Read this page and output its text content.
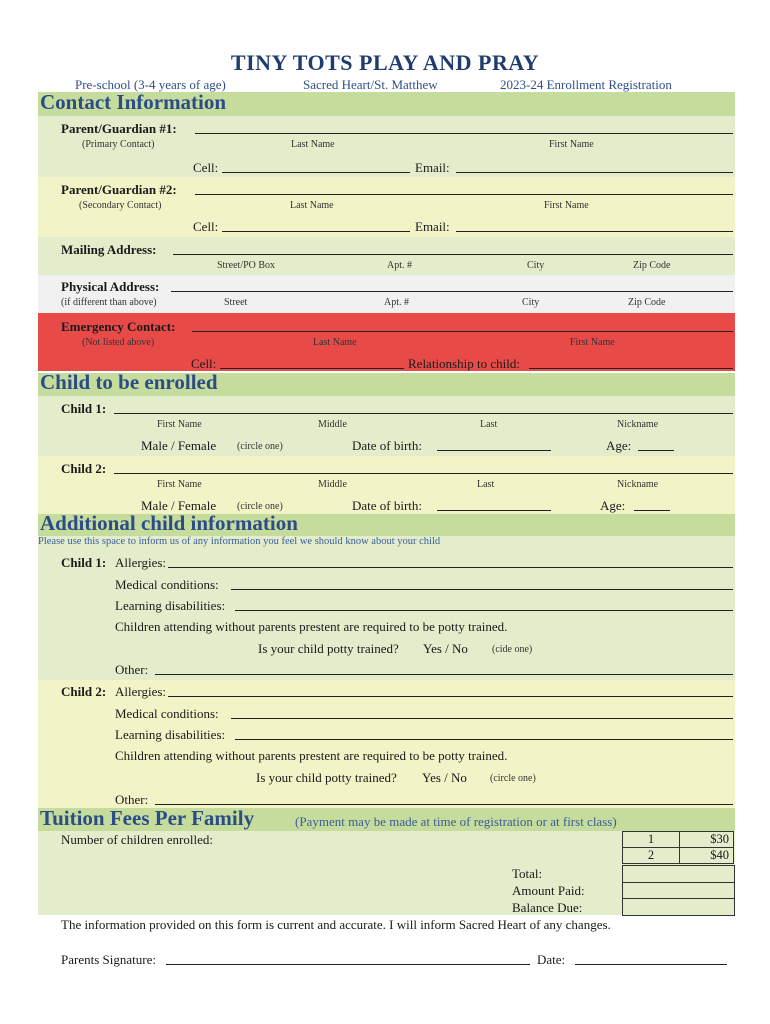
TINY TOTS PLAY AND PRAY
Pre-school (3-4 years of age)	Sacred Heart/St. Matthew	2023-24 Enrollment Registration
Contact Information
Parent/Guardian #1:
(Primary Contact)	Last Name	First Name
Cell:	Email:
Parent/Guardian #2:
(Secondary Contact)	Last Name	First Name
Cell:	Email:
Mailing Address:
Street/PO Box	Apt. #	City	Zip Code
Physical Address:
(if different than above)	Street	Apt. #	City	Zip Code
Emergency Contact:
(Not listed above)	Last Name	First Name
Cell:	Relationship to child:
Child to be enrolled
Child 1:
First Name	Middle	Last	Nickname
Male / Female (circle one)	Date of birth:	Age:
Child 2:
First Name	Middle	Last	Nickname
Male / Female (circle one)	Date of birth:	Age:
Additional child information
Please use this space to inform us of any information you feel we should know about your child
Child 1: Allergies:
Medical conditions:
Learning disabilities:
Children attending without parents prestent are required to be potty trained.
Is your child potty trained? Yes / No (cide one)
Other:
Child 2: Allergies:
Medical conditions:
Learning disabilities:
Children attending without parents prestent are required to be potty trained.
Is your child potty trained? Yes / No (circle one)
Other:
Tuition Fees Per Family	(Payment may be made at time of registration or at first class)
Number of children enrolled:	1	$30
2	$40
Total:
Amount Paid:
Balance Due:
The information provided on this form is current and accurate. I will inform Sacred Heart of any changes.
Parents Signature:	Date:
